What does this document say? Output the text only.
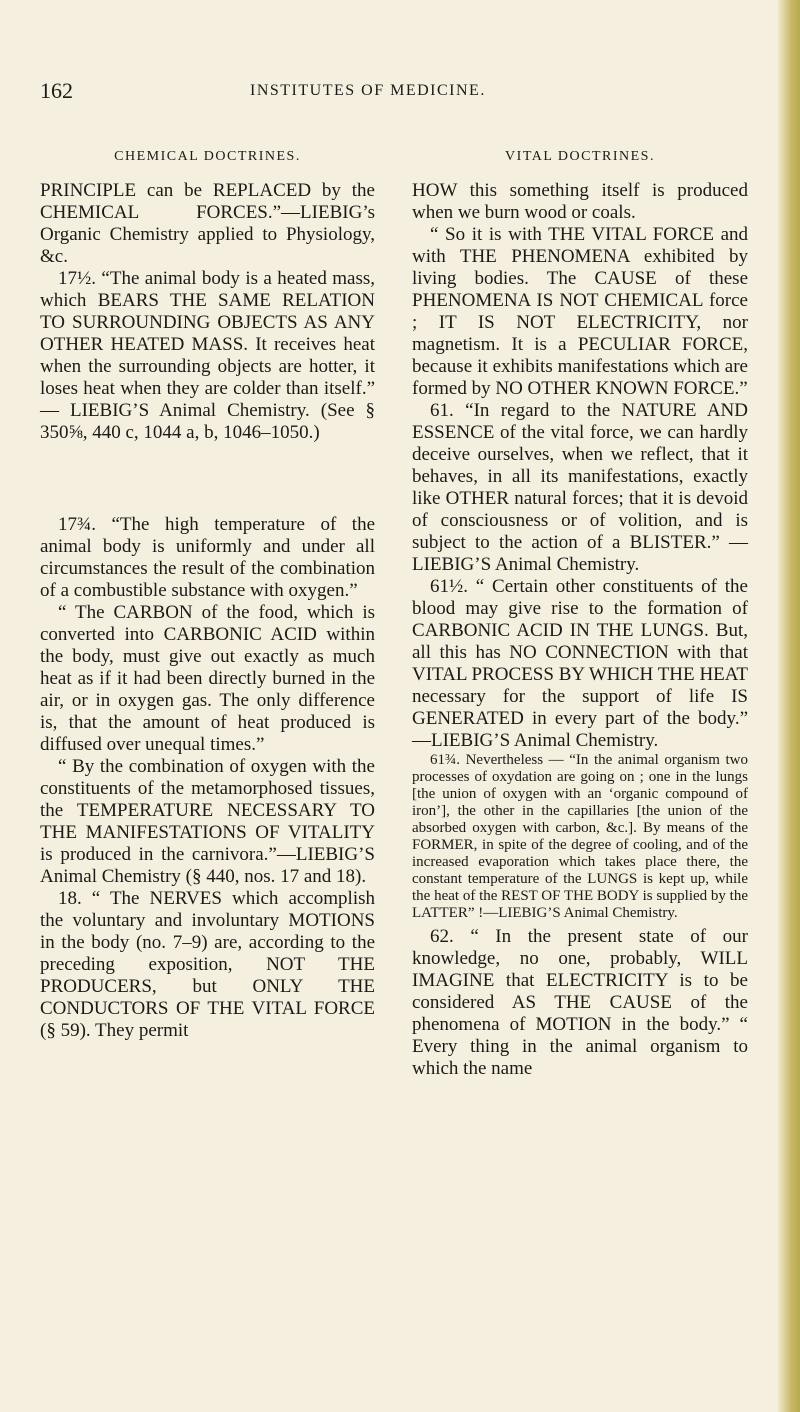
162	INSTITUTES OF MEDICINE.
CHEMICAL DOCTRINES.

PRINCIPLE can be REPLACED by the CHEMICAL FORCES.”—LIEBIG’s Organic Chemistry applied to Physiology, &c.

17½. “The animal body is a heated mass, which BEARS THE SAME RELATION TO SURROUNDING OBJECTS AS ANY OTHER HEATED MASS. It receives heat when the surrounding objects are hotter, it loses heat when they are colder than itself.” — LIEBIG’S Animal Chemistry. (See § 350⅝, 440 c, 1044 a, b, 1046–1050.)

17¾. “The high temperature of the animal body is uniformly and under all circumstances the result of the combination of a combustible substance with oxygen.”

“ The CARBON of the food, which is converted into CARBONIC ACID within the body, must give out exactly as much heat as if it had been directly burned in the air, or in oxygen gas. The only difference is, that the amount of heat produced is diffused over unequal times.”

“ By the combination of oxygen with the constituents of the metamorphosed tissues, the TEMPERATURE NECESSARY TO THE MANIFESTATIONS OF VITALITY is produced in the carnivora.”—LIEBIG’S Animal Chemistry (§ 440, nos. 17 and 18).

18. “ The NERVES which accomplish the voluntary and involuntary MOTIONS in the body (no. 7–9) are, according to the preceding exposition, NOT THE PRODUCERS, but ONLY THE CONDUCTORS OF THE VITAL FORCE (§ 59). They permit

VITAL DOCTRINES.

HOW this something itself is produced when we burn wood or coals.

“ So it is with THE VITAL FORCE and with THE PHENOMENA exhibited by living bodies. The CAUSE of these PHENOMENA IS NOT CHEMICAL force ; IT IS NOT ELECTRICITY, nor magnetism. It is a PECULIAR FORCE, because it exhibits manifestations which are formed by NO OTHER KNOWN FORCE.”

61. “In regard to the NATURE AND ESSENCE of the vital force, we can hardly deceive ourselves, when we reflect, that it behaves, in all its manifestations, exactly like OTHER natural forces; that it is devoid of consciousness or of volition, and is subject to the action of a BLISTER.” — LIEBIG’S Animal Chemistry.

61½. “ Certain other constituents of the blood may give rise to the formation of CARBONIC ACID IN THE LUNGS. But, all this has NO CONNECTION with that VITAL PROCESS BY WHICH THE HEAT necessary for the support of life IS GENERATED in every part of the body.” —LIEBIG’S Animal Chemistry.

61¾. Nevertheless — “In the animal organism two processes of oxydation are going on ; one in the lungs [the union of oxygen with an ‘organic compound of iron’], the other in the capillaries [the union of the absorbed oxygen with carbon, &c.]. By means of the FORMER, in spite of the degree of cooling, and of the increased evaporation which takes place there, the constant temperature of the LUNGS is kept up, while the heat of the REST OF THE BODY is supplied by the LATTER” !—LIEBIG’S Animal Chemistry.

62. “ In the present state of our knowledge, no one, probably, WILL IMAGINE that ELECTRICITY is to be considered AS THE CAUSE of the phenomena of MOTION in the body.” “ Every thing in the animal organism to which the name
